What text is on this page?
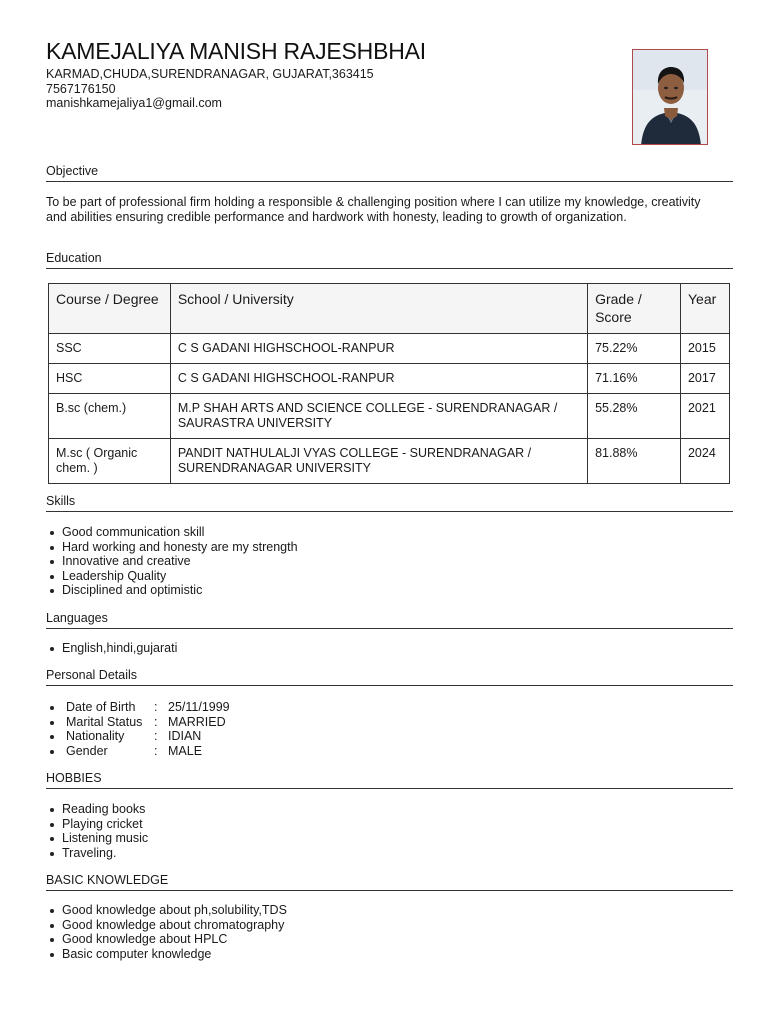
KAMEJALIYA MANISH RAJESHBHAI
KARMAD,CHUDA,SURENDRANAGAR, GUJARAT,363415
7567176150
manishkamejaliya1@gmail.com
Objective

To be part of professional firm holding a responsible & challenging position where I can utilize my knowledge, creativity and abilities ensuring credible performance and hardwork with honesty, leading to growth of organization.

Education
Course / Degree	School / University	Grade / Score	Year
SSC	C S GADANI HIGHSCHOOL-RANPUR	75.22%	2015
HSC	C S GADANI HIGHSCHOOL-RANPUR	71.16%	2017
B.sc (chem.)	M.P SHAH ARTS AND SCIENCE COLLEGE - SURENDRANAGAR / SAURASTRA UNIVERSITY	55.28%	2021
M.sc ( Organic chem. )	PANDIT NATHULALJI VYAS COLLEGE - SURENDRANAGAR / SURENDRANAGAR UNIVERSITY	81.88%	2024
Skills
Good communication skill
Hard working and honesty are my strength
Innovative and creative
Leadership Quality
Disciplined and optimistic
Languages
English,hindi,gujarati
Personal Details
Date of Birth : 25/11/1999
Marital Status : MARRIED
Nationality : IDIAN
Gender	: MALE
HOBBIES
Reading books
Playing cricket
Listening music
Traveling.
BASIC KNOWLEDGE
Good knowledge about ph,solubility,TDS
Good knowledge about chromatography
Good knowledge about HPLC
Basic computer knowledge
